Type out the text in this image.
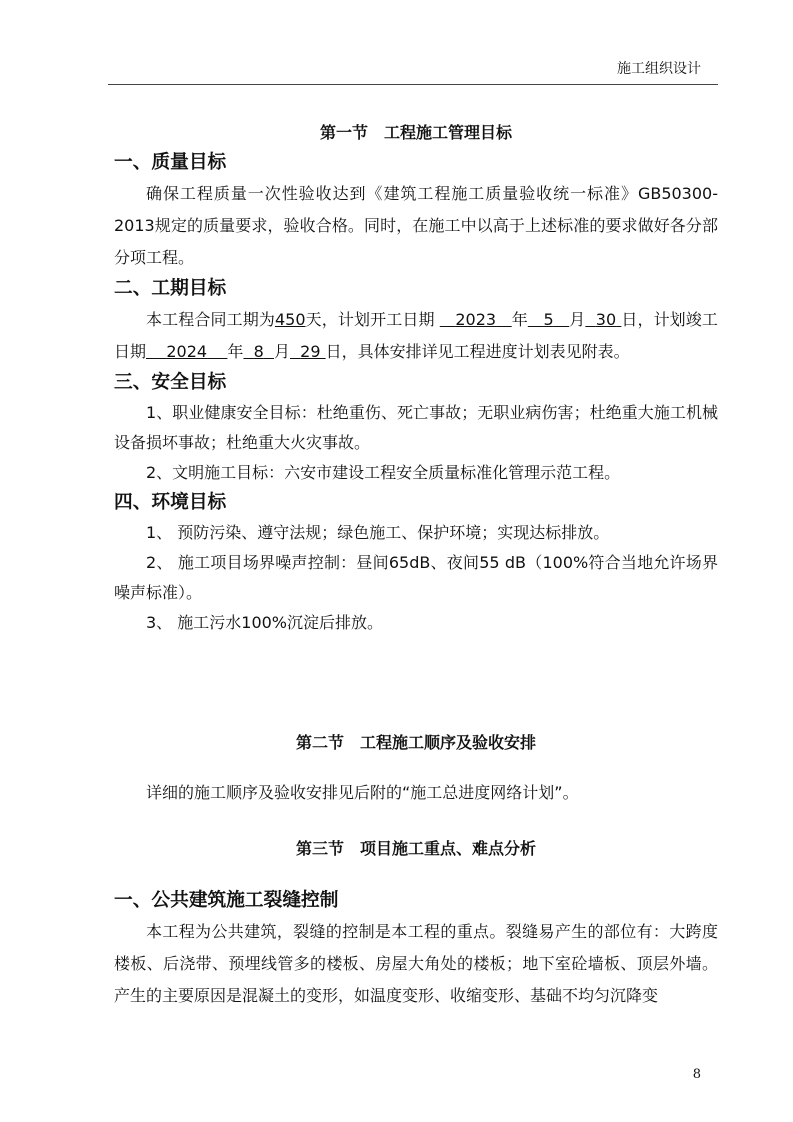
施工组织设计
第一节　工程施工管理目标
一、质量目标

确保工程质量一次性验收达到《建筑工程施工质量验收统一标准》GB50300-2013规定的质量要求，验收合格。同时，在施工中以高于上述标准的要求做好各分部分项工程。

二、工期目标

本工程合同工期为450天，计划开工日期 2023 年 5 月 30 日，计划竣工日期 2024 年 8 月 29 日，具体安排详见工程进度计划表见附表。

三、安全目标

1、职业健康安全目标：杜绝重伤、死亡事故；无职业病伤害；杜绝重大施工机械设备损坏事故；杜绝重大火灾事故。

2、文明施工目标：六安市建设工程安全质量标准化管理示范工程。

四、环境目标

1、 预防污染、遵守法规；绿色施工、保护环境；实现达标排放。

2、 施工项目场界噪声控制：昼间65dB、夜间55 dB（100%符合当地允许场界噪声标准）。

3、 施工污水100%沉淀后排放。

第二节　工程施工顺序及验收安排

详细的施工顺序及验收安排见后附的“施工总进度网络计划”。

第三节　项目施工重点、难点分析
一、公共建筑施工裂缝控制

本工程为公共建筑，裂缝的控制是本工程的重点。裂缝易产生的部位有：大跨度楼板、后浇带、预埋线管多的楼板、房屋大角处的楼板；地下室砼墙板、顶层外墙。产生的主要原因是混凝土的变形，如温度变形、收缩变形、基础不均匀沉降变

8
